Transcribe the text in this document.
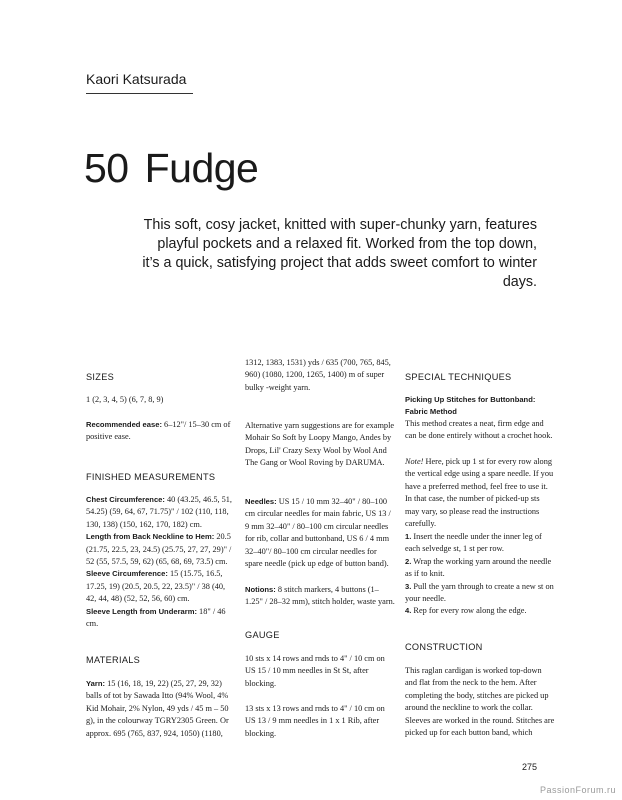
Kaori Katsurada
50 Fudge
This soft, cosy jacket, knitted with super-chunky yarn, features playful pockets and a relaxed fit. Worked from the top down, it’s a quick, satisfying project that adds sweet comfort to winter days.
SIZES
1 (2, 3, 4, 5) (6, 7, 8, 9)
Recommended ease: 6–12"/ 15–30 cm of positive ease.
FINISHED MEASUREMENTS

Chest Circumference: 40 (43.25, 46.5, 51, 54.25) (59, 64, 67, 71.75)" / 102 (110, 118, 130, 138) (150, 162, 170, 182) cm.

Length from Back Neckline to Hem: 20.5 (21.75, 22.5, 23, 24.5) (25.75, 27, 27, 29)" / 52 (55, 57.5, 59, 62) (65, 68, 69, 73.5) cm.

Sleeve Circumference: 15 (15.75, 16.5, 17.25, 19) (20.5, 20.5, 22, 23.5)" / 38 (40, 42, 44, 48) (52, 52, 56, 60) cm.

Sleeve Length from Underarm: 18" / 46 cm.

MATERIALS
Yarn: 15 (16, 18, 19, 22) (25, 27, 29, 32) balls of tot by Sawada Itto (94% Wool, 4% Kid Mohair, 2% Nylon, 49 yds / 45 m – 50 g), in the colourway TGRY2305 Green. Or approx. 695 (765, 837, 924, 1050) (1180,
1312, 1383, 1531) yds / 635 (700, 765, 845, 960) (1080, 1200, 1265, 1400) m of super bulky -weight yarn.
Alternative yarn suggestions are for example Mohair So Soft by Loopy Mango, Andes by Drops, Lil' Crazy Sexy Wool by Wool And The Gang or Wool Roving by DARUMA.
Needles: US 15 / 10 mm 32–40" / 80–100 cm circular needles for main fabric, US 13 / 9 mm 32–40" / 80–100 cm circular needles for rib, collar and buttonband, US 6 / 4 mm 32–40"/ 80–100 cm circular needles for spare needle (pick up edge of button band).
Notions: 8 stitch markers, 4 buttons (1–1.25" / 28–32 mm), stitch holder, waste yarn.
GAUGE
10 sts x 14 rows and rnds to 4" / 10 cm on US 15 / 10 mm needles in St St, after blocking.
13 sts x 13 rows and rnds to 4" / 10 cm on US 13 / 9 mm needles in 1 x 1 Rib, after blocking.
SPECIAL TECHNIQUES
Picking Up Stitches for Buttonband: Fabric Method
This method creates a neat, firm edge and can be done entirely without a crochet hook.
Note! Here, pick up 1 st for every row along the vertical edge using a spare needle. If you have a preferred method, feel free to use it. In that case, the number of picked-up sts may vary, so please read the instructions carefully.

1. Insert the needle under the inner leg of each selvedge st, 1 st per row.

2. Wrap the working yarn around the needle as if to knit.

3. Pull the yarn through to create a new st on your needle.

4. Rep for every row along the edge.

CONSTRUCTION
This raglan cardigan is worked top-down and flat from the neck to the hem. After completing the body, stitches are picked up around the neckline to work the collar. Sleeves are worked in the round. Stitches are picked up for each button band, which
275
PassionForum.ru
